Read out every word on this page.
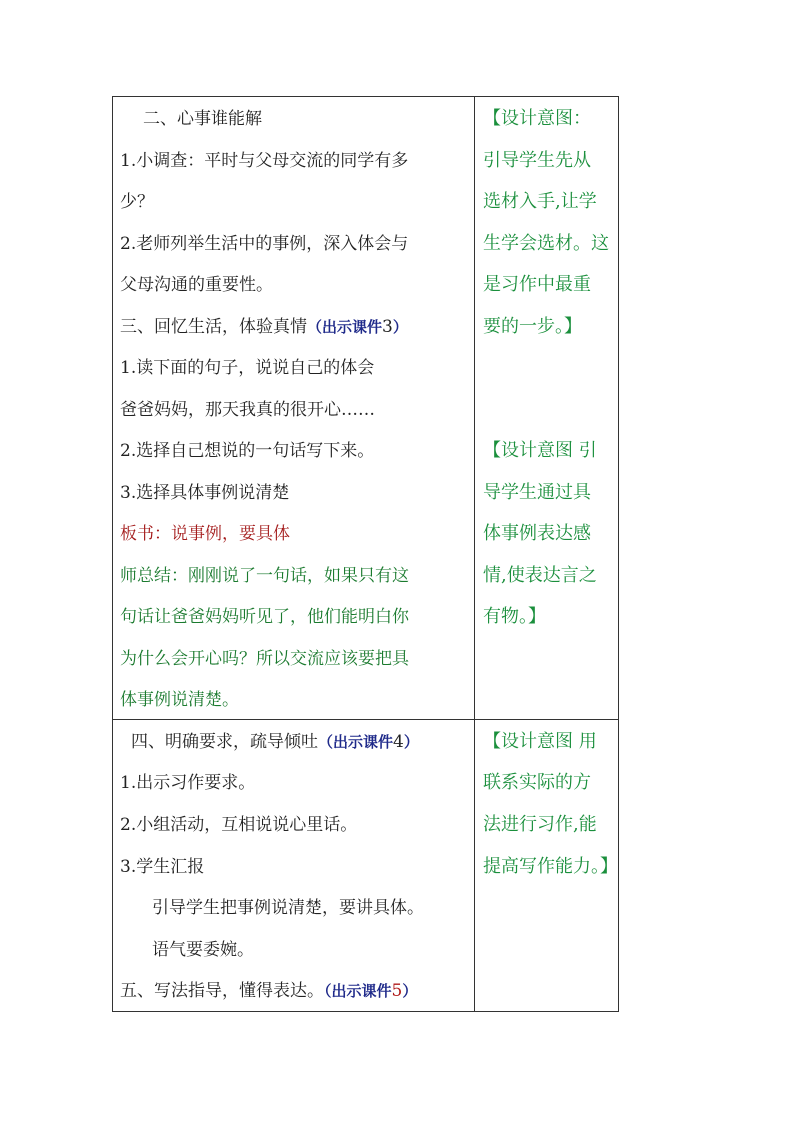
二、心事谁能解
1.小调查：平时与父母交流的同学有多
少？
2.老师列举生活中的事例，深入体会与
父母沟通的重要性。
三、回忆生活，体验真情（出示课件3）
1.读下面的句子，说说自己的体会
爸爸妈妈，那天我真的很开心……
2.选择自己想说的一句话写下来。
3.选择具体事例说清楚
板书：说事例，要具体
师总结：刚刚说了一句话，如果只有这
句话让爸爸妈妈听见了，他们能明白你
为什么会开心吗？所以交流应该要把具
体事例说清楚。
【设计意图：
引导学生先从
选材入手,让学
生学会选材。这
是习作中最重
要的一步。】
【设计意图 引
导学生通过具
体事例表达感
情,使表达言之
有物。】
四、明确要求，疏导倾吐（出示课件4）
1.出示习作要求。
2.小组活动，互相说说心里话。
3.学生汇报
引导学生把事例说清楚，要讲具体。
语气要委婉。
五、写法指导，懂得表达。（出示课件5）
【设计意图 用
联系实际的方
法进行习作,能
提高写作能力。】
